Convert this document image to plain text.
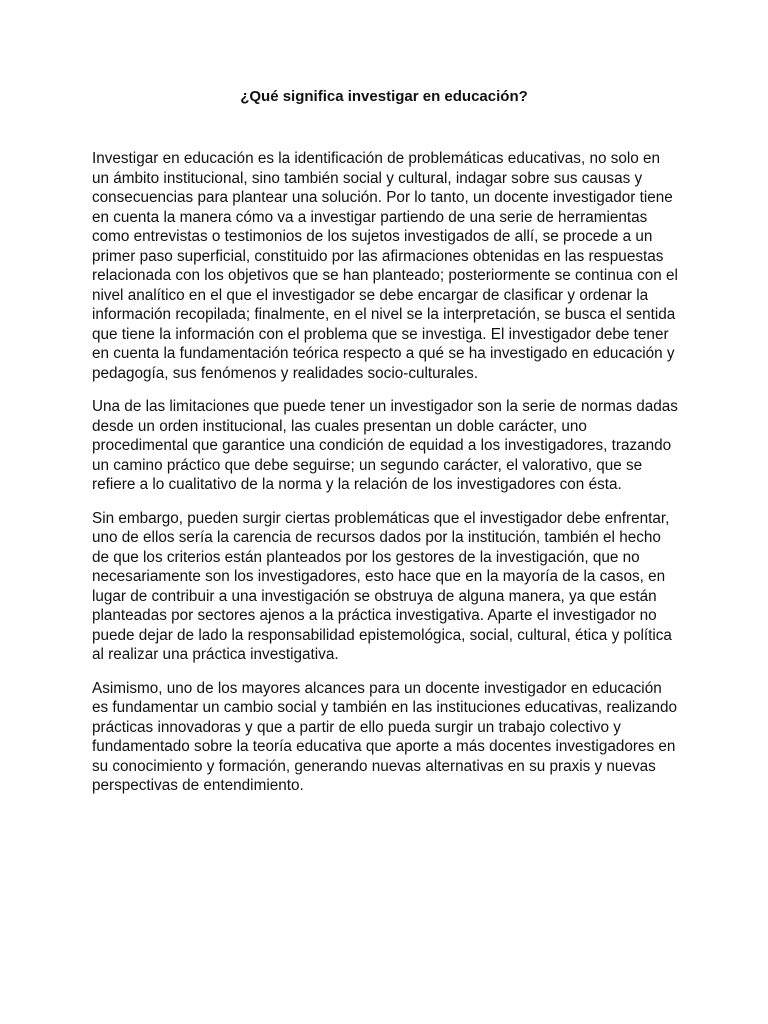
¿Qué significa investigar en educación?

Investigar en educación es la identificación de problemáticas educativas, no solo en un ámbito institucional, sino también social y cultural, indagar sobre sus causas y consecuencias para plantear una solución. Por lo tanto, un docente investigador tiene en cuenta la manera cómo va a investigar partiendo de una serie de herramientas como entrevistas o testimonios de los sujetos investigados de allí, se procede a un primer paso superficial, constituido por las afirmaciones obtenidas en las respuestas relacionada con los objetivos que se han planteado; posteriormente se continua con el nivel analítico en el que el investigador se debe encargar de clasificar y ordenar la información recopilada; finalmente, en el nivel se la interpretación, se busca el sentida que tiene la información con el problema que se investiga. El investigador debe tener en cuenta la fundamentación teórica respecto a qué se ha investigado en educación y pedagogía, sus fenómenos y realidades socio-culturales.

Una de las limitaciones que puede tener un investigador son la serie de normas dadas desde un orden institucional, las cuales presentan un doble carácter, uno procedimental que garantice una condición de equidad a los investigadores, trazando un camino práctico que debe seguirse; un segundo carácter, el valorativo, que se refiere a lo cualitativo de la norma y la relación de los investigadores con ésta.

Sin embargo, pueden surgir ciertas problemáticas que el investigador debe enfrentar, uno de ellos sería la carencia de recursos dados por la institución, también el hecho de que los criterios están planteados por los gestores de la investigación, que no necesariamente son los investigadores, esto hace que en la mayoría de la casos, en lugar de contribuir a una investigación se obstruya de alguna manera, ya que están planteadas por sectores ajenos a la práctica investigativa. Aparte el investigador no puede dejar de lado la responsabilidad epistemológica, social, cultural, ética y política al realizar una práctica investigativa.

Asimismo, uno de los mayores alcances para un docente investigador en educación es fundamentar un cambio social y también en las instituciones educativas, realizando prácticas innovadoras y que a partir de ello pueda surgir un trabajo colectivo y fundamentado sobre la teoría educativa que aporte a más docentes investigadores en su conocimiento y formación, generando nuevas alternativas en su praxis y nuevas perspectivas de entendimiento.
